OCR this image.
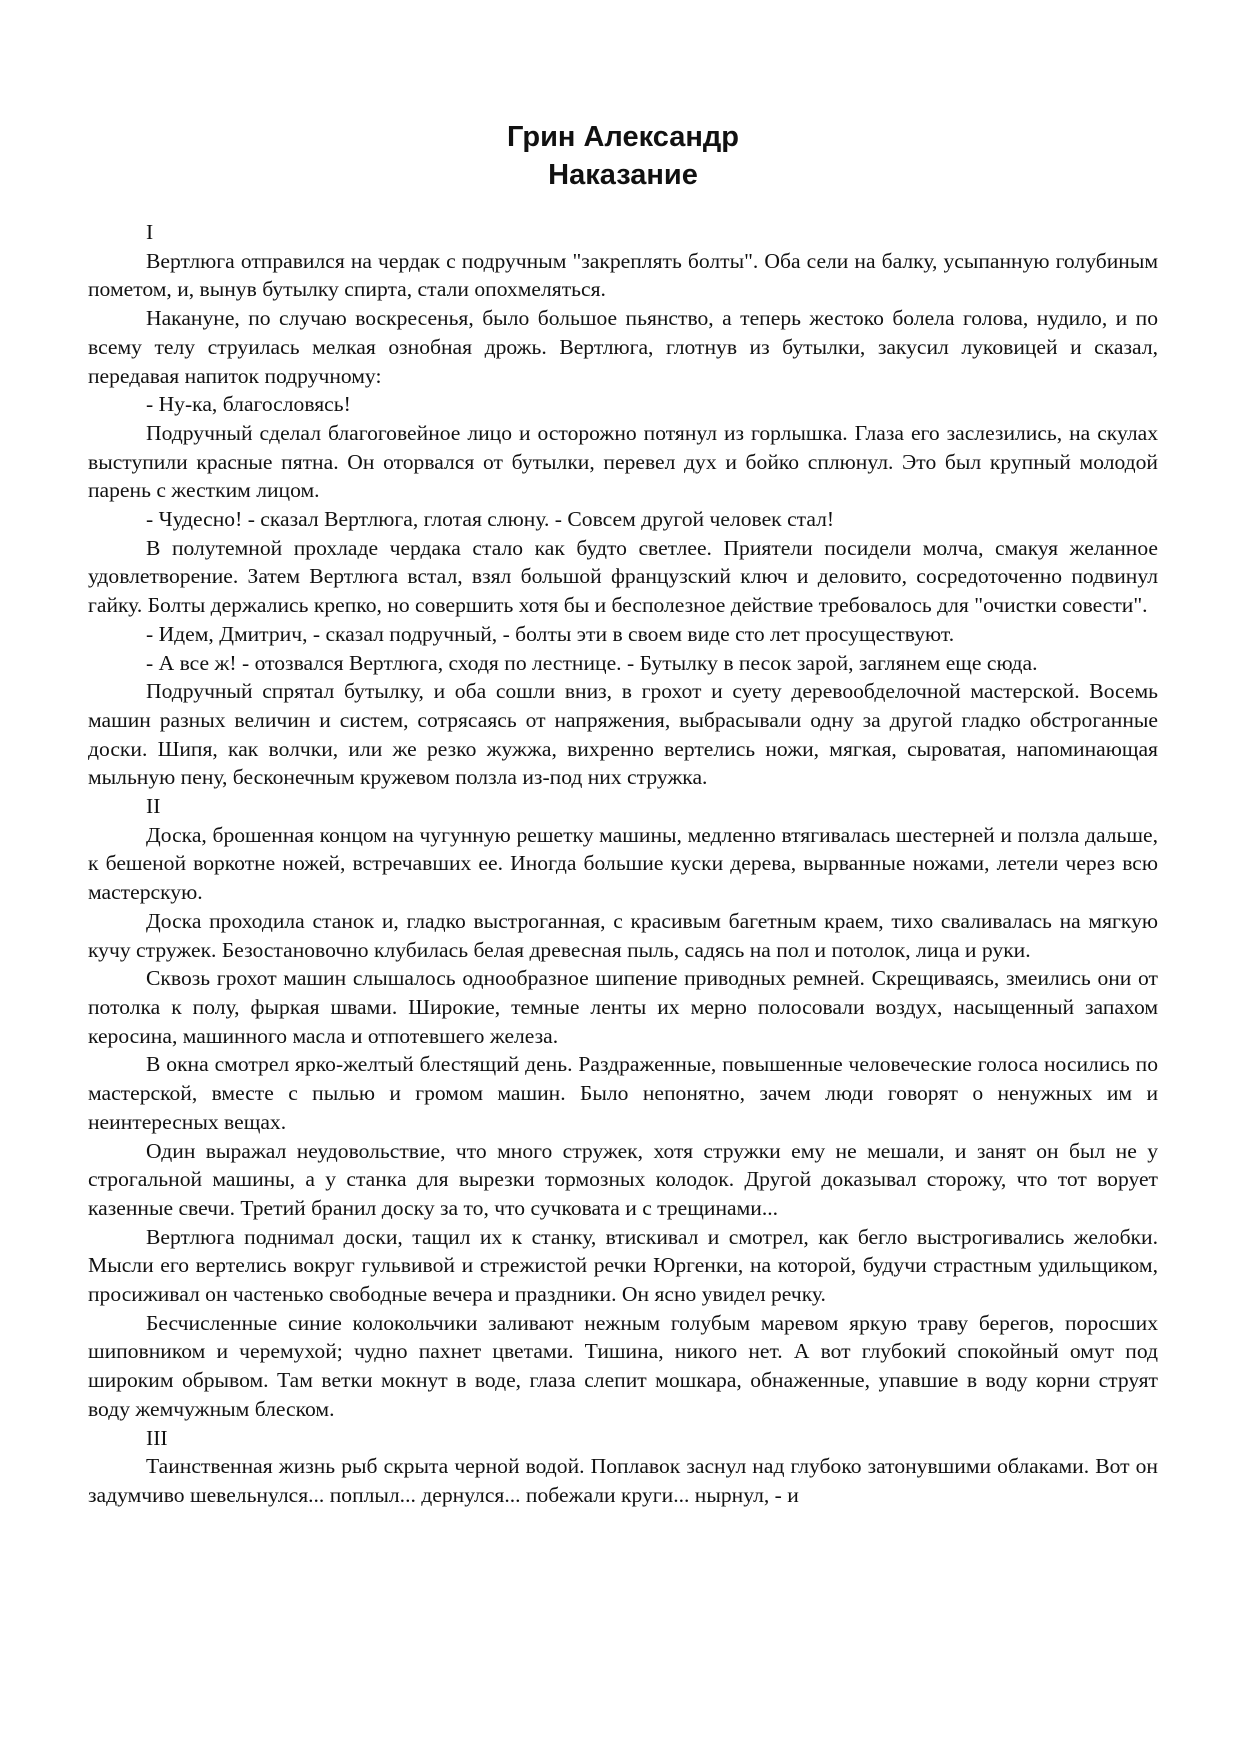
Грин Александр
Наказание

I

Вертлюга отправился на чердак с подручным "закреплять болты". Оба сели на балку, усыпанную голубиным пометом, и, вынув бутылку спирта, стали опохмеляться.

Накануне, по случаю воскресенья, было большое пьянство, а теперь жестоко болела голова, нудило, и по всему телу струилась мелкая ознобная дрожь. Вертлюга, глотнув из бутылки, закусил луковицей и сказал, передавая напиток подручному:

- Ну-ка, благословясь!

Подручный сделал благоговейное лицо и осторожно потянул из горлышка. Глаза его заслезились, на скулах выступили красные пятна. Он оторвался от бутылки, перевел дух и бойко сплюнул. Это был крупный молодой парень с жестким лицом.

- Чудесно! - сказал Вертлюга, глотая слюну. - Совсем другой человек стал!

В полутемной прохладе чердака стало как будто светлее. Приятели посидели молча, смакуя желанное удовлетворение. Затем Вертлюга встал, взял большой французский ключ и деловито, сосредоточенно подвинул гайку. Болты держались крепко, но совершить хотя бы и бесполезное действие требовалось для "очистки совести".

- Идем, Дмитрич, - сказал подручный, - болты эти в своем виде сто лет просуществуют.

- А все ж! - отозвался Вертлюга, сходя по лестнице. - Бутылку в песок зарой, заглянем еще сюда.

Подручный спрятал бутылку, и оба сошли вниз, в грохот и суету деревообделочной мастерской. Восемь машин разных величин и систем, сотрясаясь от напряжения, выбрасывали одну за другой гладко обстроганные доски. Шипя, как волчки, или же резко жужжа, вихренно вертелись ножи, мягкая, сыроватая, напоминающая мыльную пену, бесконечным кружевом ползла из-под них стружка.

II

Доска, брошенная концом на чугунную решетку машины, медленно втягивалась шестерней и ползла дальше, к бешеной воркотне ножей, встречавших ее. Иногда большие куски дерева, вырванные ножами, летели через всю мастерскую.

Доска проходила станок и, гладко выстроганная, с красивым багетным краем, тихо сваливалась на мягкую кучу стружек. Безостановочно клубилась белая древесная пыль, садясь на пол и потолок, лица и руки.

Сквозь грохот машин слышалось однообразное шипение приводных ремней. Скрещиваясь, змеились они от потолка к полу, фыркая швами. Широкие, темные ленты их мерно полосовали воздух, насыщенный запахом керосина, машинного масла и отпотевшего железа.

В окна смотрел ярко-желтый блестящий день. Раздраженные, повышенные человеческие голоса носились по мастерской, вместе с пылью и громом машин. Было непонятно, зачем люди говорят о ненужных им и неинтересных вещах.

Один выражал неудовольствие, что много стружек, хотя стружки ему не мешали, и занят он был не у строгальной машины, а у станка для вырезки тормозных колодок. Другой доказывал сторожу, что тот ворует казенные свечи. Третий бранил доску за то, что сучковата и с трещинами...

Вертлюга поднимал доски, тащил их к станку, втискивал и смотрел, как бегло выстрогивались желобки. Мысли его вертелись вокруг гульвивой и стрежистой речки Юргенки, на которой, будучи страстным удильщиком, просиживал он частенько свободные вечера и праздники. Он ясно увидел речку.

Бесчисленные синие колокольчики заливают нежным голубым маревом яркую траву берегов, поросших шиповником и черемухой; чудно пахнет цветами. Тишина, никого нет. А вот глубокий спокойный омут под широким обрывом. Там ветки мокнут в воде, глаза слепит мошкара, обнаженные, упавшие в воду корни струят воду жемчужным блеском.

III

Таинственная жизнь рыб скрыта черной водой. Поплавок заснул над глубоко затонувшими облаками. Вот он задумчиво шевельнулся... поплыл... дернулся... побежали круги... нырнул, - и
